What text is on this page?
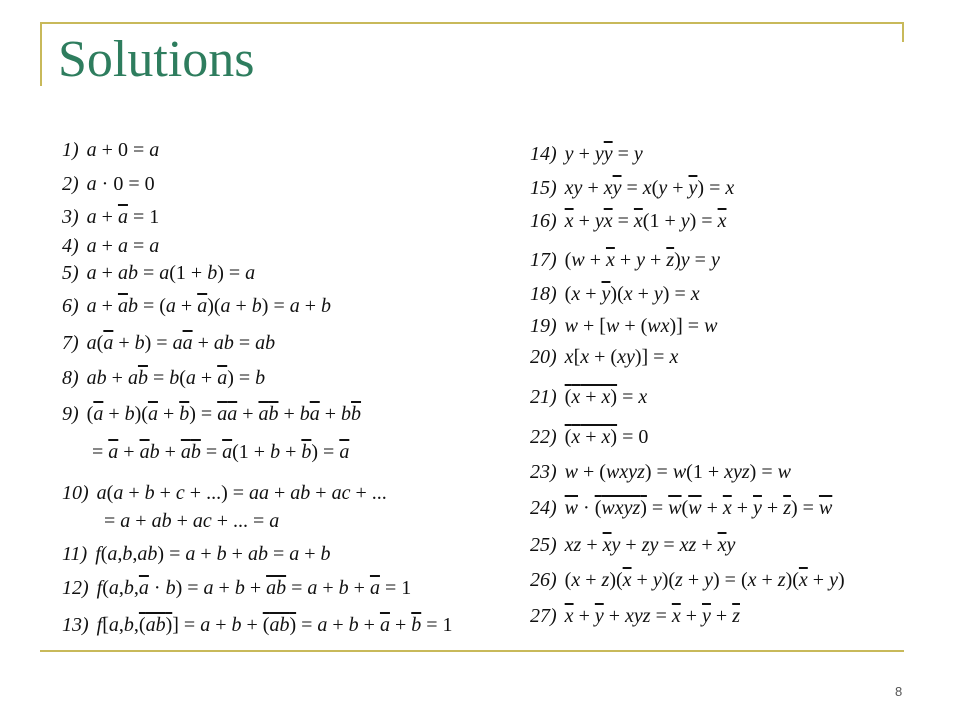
Solutions
1) a + 0 = a
2) a · 0 = 0
3) $a + \overline{a} = 1$
4) a + a = a
5) a + ab = a(1 + b) = a
6) $a + \overline{a}b = (a + \overline{a})(a + b) = a + b$
7) $a(\overline{a} + b) = a\overline{a}$ + ab = ab
8) ab + $a\overline{b} = b(a + \overline{a}) = b$
9) $(\overline{a} + b)(\overline{a} + \overline{b}) = \overline{a}\overline{a} + \overline{a}\overline{b} + b\overline{a} + b\overline{b}$
= $\overline{a} + \overline{a}b + \overline{a}\overline{b} = \overline{a}(1 + b + \overline{b}) = \overline{a}$
10) a(a + b + c + ...) = aa + ab + ac + ...
= a + ab + ac + ... = a
11) f(a,b,ab) = a + b + ab = a + b
12) $f(a,b,\overline{a} \cdot b) = a + b + \overline{ab} = a + b + \overline{a} = 1$
13) $f[a,b,(ab)] = a + b + (ab) = a + b + \overline{a} + \overline{b} = 1$
14) $y + y\overline{y} = y$
15) xy + $x\overline{y} = x(y + \overline{y}) = x$
16) $\overline{x} + y\overline{x} = \overline{x}(1 + y) = \overline{x}$
17) $(w + \overline{x} + y + \overline{z})y = y$
18) $(x + \overline{y})(x + y) = x$
19) w + [w + (wx)] = w
20) x[x + (xy)] = x
21) (x + x) = x
22) (x + x) = 0
23) w + (wxyz) = w(1 + xyz) = w
24) $\overline{w}$ · (wxyz) = $\overline{w}(\overline{w} + \overline{x} + \overline{y} + \overline{z}) = \overline{w}$
25) xz + $\overline{x}y$ + zy = xz + $\overline{x}y$
26) $(x + z)(\overline{x} + y)(z + y) = (x + z)(\overline{x} + y)$
27) $\overline{x} + \overline{y}$ + xyz = $\overline{x} + \overline{y} + \overline{z}$
8
